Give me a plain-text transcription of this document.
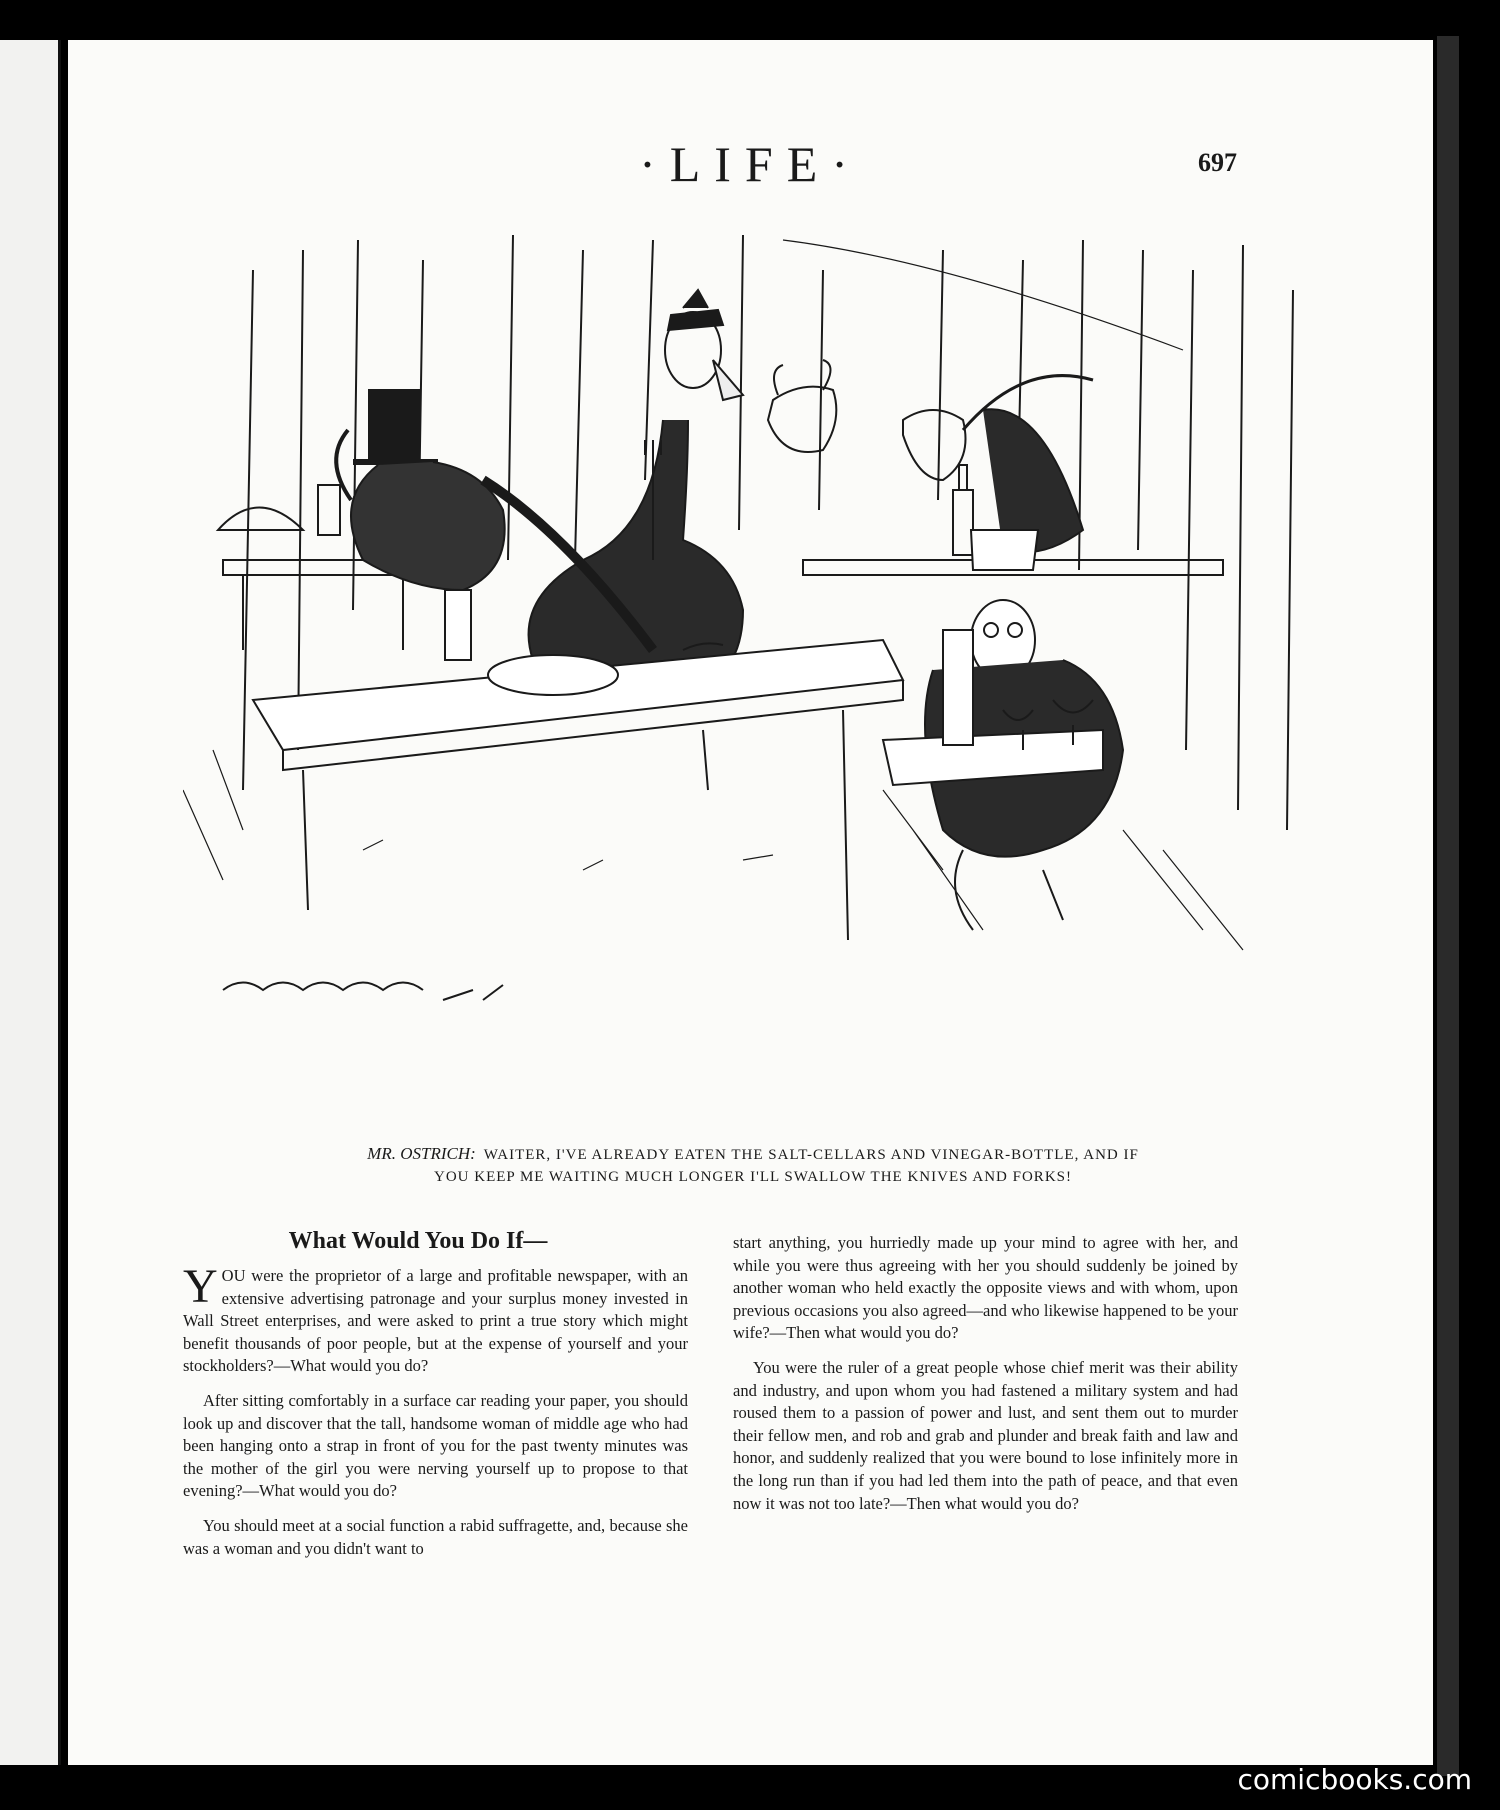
·LIFE·	697

MR. OSTRICH: WAITER, I'VE ALREADY EATEN THE SALT-CELLARS AND VINEGAR-BOTTLE, AND IF
YOU KEEP ME WAITING MUCH LONGER I'LL SWALLOW THE KNIVES AND FORKS!

What Would You Do If—

YOU were the proprietor of a large and profitable newspaper, with an extensive advertising patronage and your surplus money invested in Wall Street enterprises, and were asked to print a true story which might benefit thousands of poor people, but at the expense of yourself and your stockholders?—What would you do?

After sitting comfortably in a surface car reading your paper, you should look up and discover that the tall, handsome woman of middle age who had been hanging onto a strap in front of you for the past twenty minutes was the mother of the girl you were nerving yourself up to propose to that evening?—What would you do?

You should meet at a social function a rabid suffragette, and, because she was a woman and you didn't want to

start anything, you hurriedly made up your mind to agree with her, and while you were thus agreeing with her you should suddenly be joined by another woman who held exactly the opposite views and with whom, upon previous occasions you also agreed—and who likewise happened to be your wife?—Then what would you do?

You were the ruler of a great people whose chief merit was their ability and industry, and upon whom you had fastened a military system and had roused them to a passion of power and lust, and sent them out to murder their fellow men, and rob and grab and plunder and break faith and law and honor, and suddenly realized that you were bound to lose infinitely more in the long run than if you had led them into the path of peace, and that even now it was not too late?—Then what would you do?

comicbooks.com
